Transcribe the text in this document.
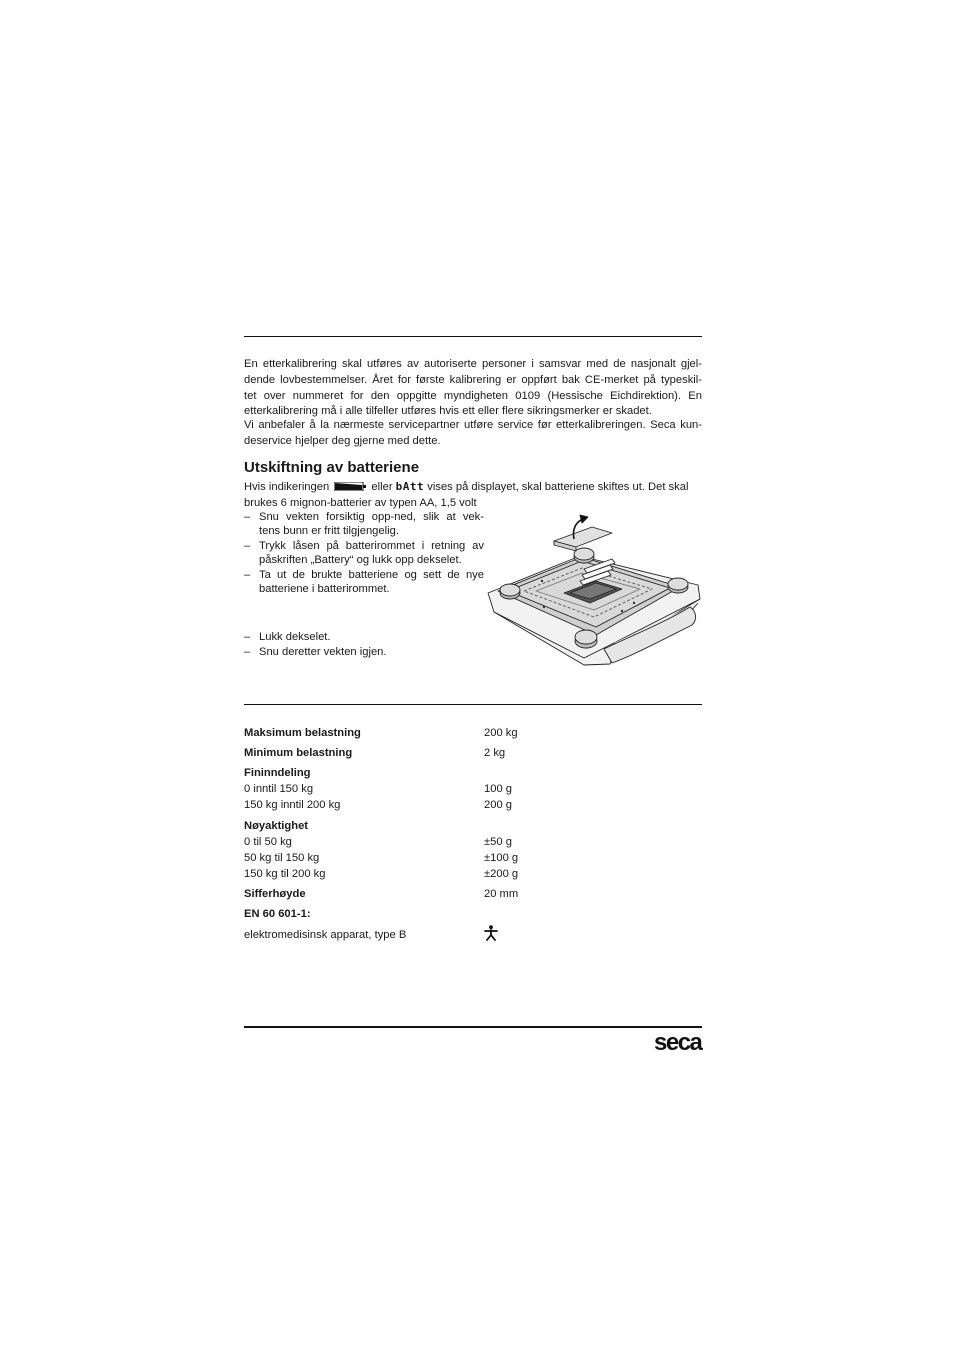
En etterkalibrering skal utføres av autoriserte personer i samsvar med de nasjonalt gjel-
dende lovbestemmelser. Året for første kalibrering er oppført bak CE-merket på typeskil-
tet over nummeret for den oppgitte myndigheten 0109 (Hessische Eichdirektion). En
etterkalibrering må i alle tilfeller utføres hvis ett eller flere sikringsmerker er skadet.
Vi anbefaler å la nærmeste servicepartner utføre service før etterkalibreringen. Seca kun-
deservice hjelper deg gjerne med dette.
Utskiftning av batteriene
Hvis indikeringen	eller bAtt vises på displayet, skal batteriene skiftes ut. Det skal
brukes 6 mignon-batterier av typen AA, 1,5 volt
– Snu vekten forsiktig opp-ned, slik at vek-
tens bunn er fritt tilgjengelig.
– Trykk låsen på batterirommet i retning av
påskriften „Battery“ og lukk opp dekselet.
– Ta ut de brukte batteriene og sett de nye
batteriene i batterirommet.
– Lukk dekselet.
– Snu deretter vekten igjen.
Maksimum belastning	200 kg
Minimum belastning	2 kg
Fininndeling
0 inntil 150 kg	100 g
150 kg inntil 200 kg	200 g
Nøyaktighet
0 til 50 kg	±50 g
50 kg til 150 kg	±100 g
150 kg til 200 kg	±200 g
Sifferhøyde	20 mm
EN 60 601-1:
elektromedisinsk apparat, type B
seca
